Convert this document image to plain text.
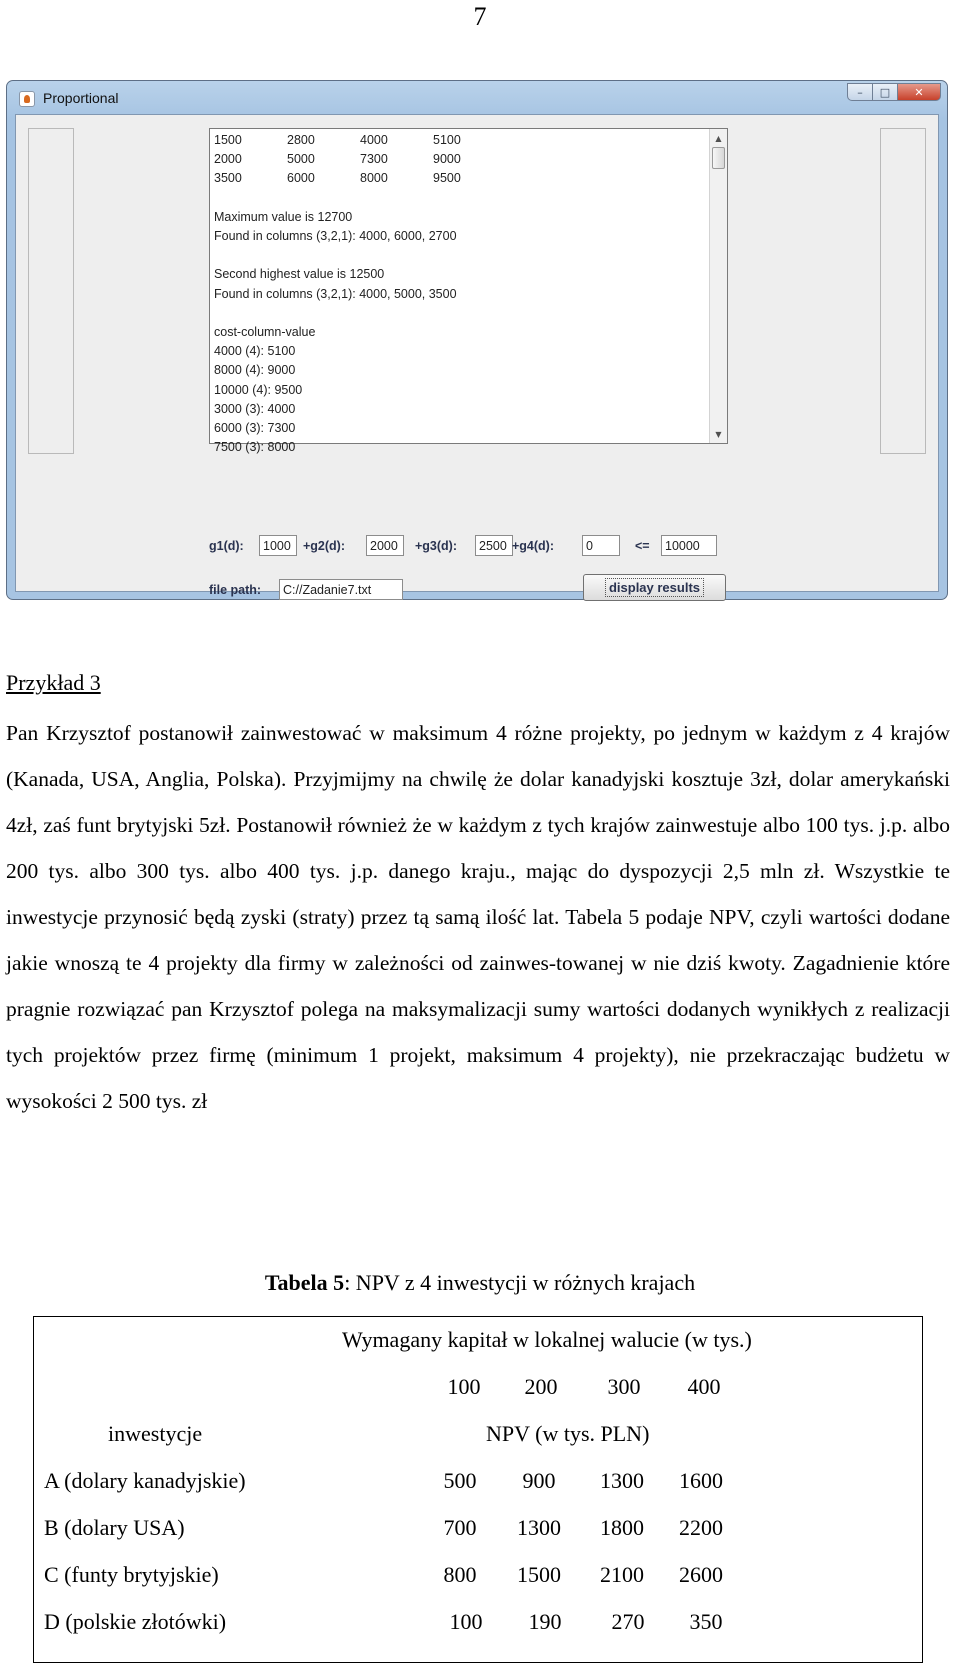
7
Proportional	–	□	✕
1500	2800	4000	5100
2000	5000	7300	9000
3500	6000	8000	9500
Maximum value is 12700
Found in columns (3,2,1): 4000, 6000, 2700
Second highest value is 12500
Found in columns (3,2,1): 4000, 5000, 3500
cost-column-value
4000 (4): 5100
8000 (4): 9000
10000 (4): 9500
3000 (3): 4000
6000 (3): 7300
7500 (3): 8000
▲
▼
g1(d):
1000	+g2(d):
2000	+g3(d):
2500	+g4(d):
0	<=
10000
file path:
C://Zadanie7.txt	display results
Przykład 3

Pan Krzysztof postanowił zainwestować w maksimum 4 różne projekty, po jednym w każdym z 4 krajów (Kanada, USA, Anglia, Polska). Przyjmijmy na chwilę że dolar kanadyjski kosztuje 3zł, dolar amerykański 4zł, zaś funt brytyjski 5zł. Postanowił również że w każdym z tych krajów zainwestuje albo 100 tys. j.p. albo 200 tys. albo 300 tys. albo 400 tys. j.p. danego kraju., mając do dyspozycji 2,5 mln zł. Wszystkie te inwestycje przynosić będą zyski (straty) przez tą samą ilość lat. Tabela 5 podaje NPV, czyli wartości dodane jakie wnoszą te 4 projekty dla firmy w zależności od zainwes-towanej w nie dziś kwoty. Zagadnienie które pragnie rozwiązać pan Krzysztof polega na maksymalizacji sumy wartości dodanych wynikłych z realizacji tych projektów przez firmę (minimum 1 projekt, maksimum 4 projekty), nie przekraczając budżetu w wysokości 2 500 tys. zł

Tabela 5: NPV z 4 inwestycji w różnych krajach
Wymagany kapitał w lokalnej walucie (w tys.)
100	200	300	400
inwestycje	NPV (w tys. PLN)
A (dolary kanadyjskie)	500	900	1300	1600
B (dolary USA)	700	1300	1800	2200
C (funty brytyjskie)	800	1500	2100	2600
D (polskie złotówki)	100	190	270	350
